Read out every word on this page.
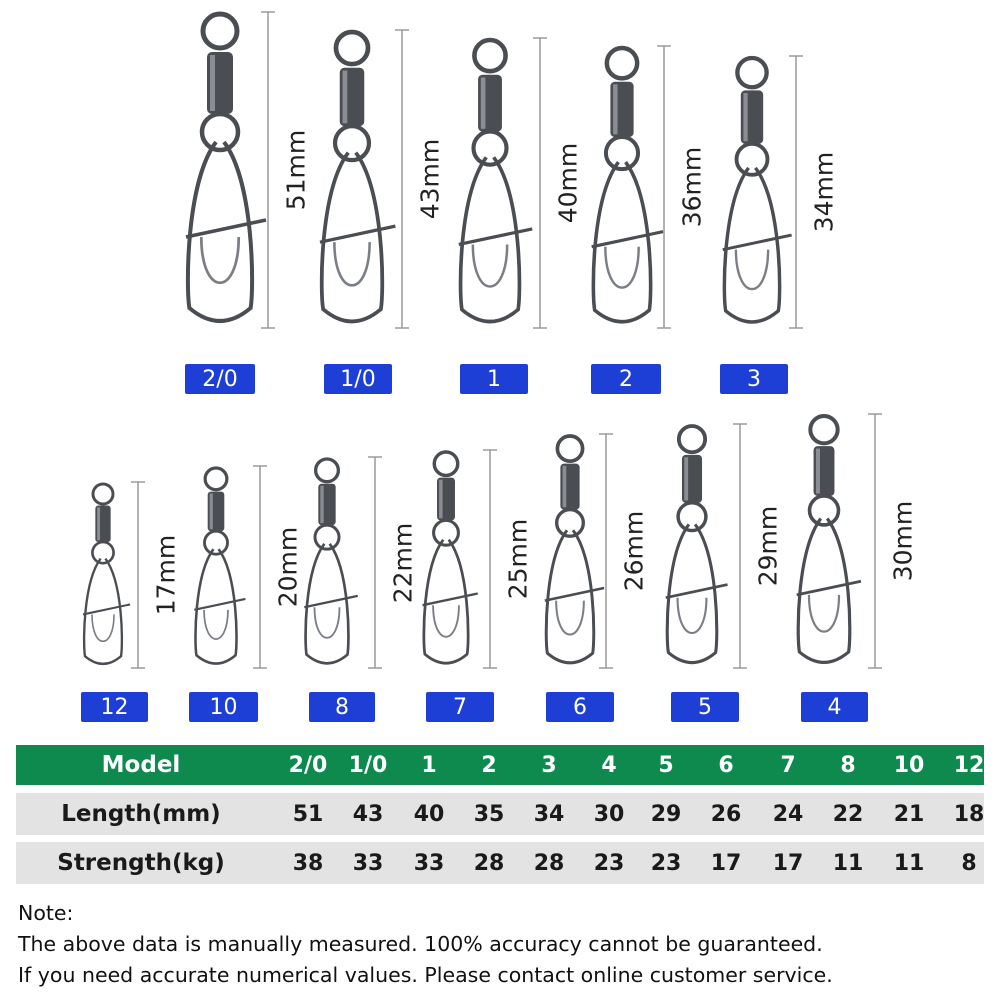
51mm
2/0
43mm
1/0
40mm
1
36mm
2
34mm
3
17mm
12
20mm
10
22mm
8
25mm
7
26mm
6
29mm
5
30mm
4
Model	2/0 1/0	1	2	3	4	5	6	7	8	10	12
Length(mm)	51	43	40	35	34	30	29	26	24	22	21	18
Strength(kg)	38	33	33	28	28	23	23	17	17	11	11	8
Note:
The above data is manually measured. 100% accuracy cannot be guaranteed.
If you need accurate numerical values. Please contact online customer service.
